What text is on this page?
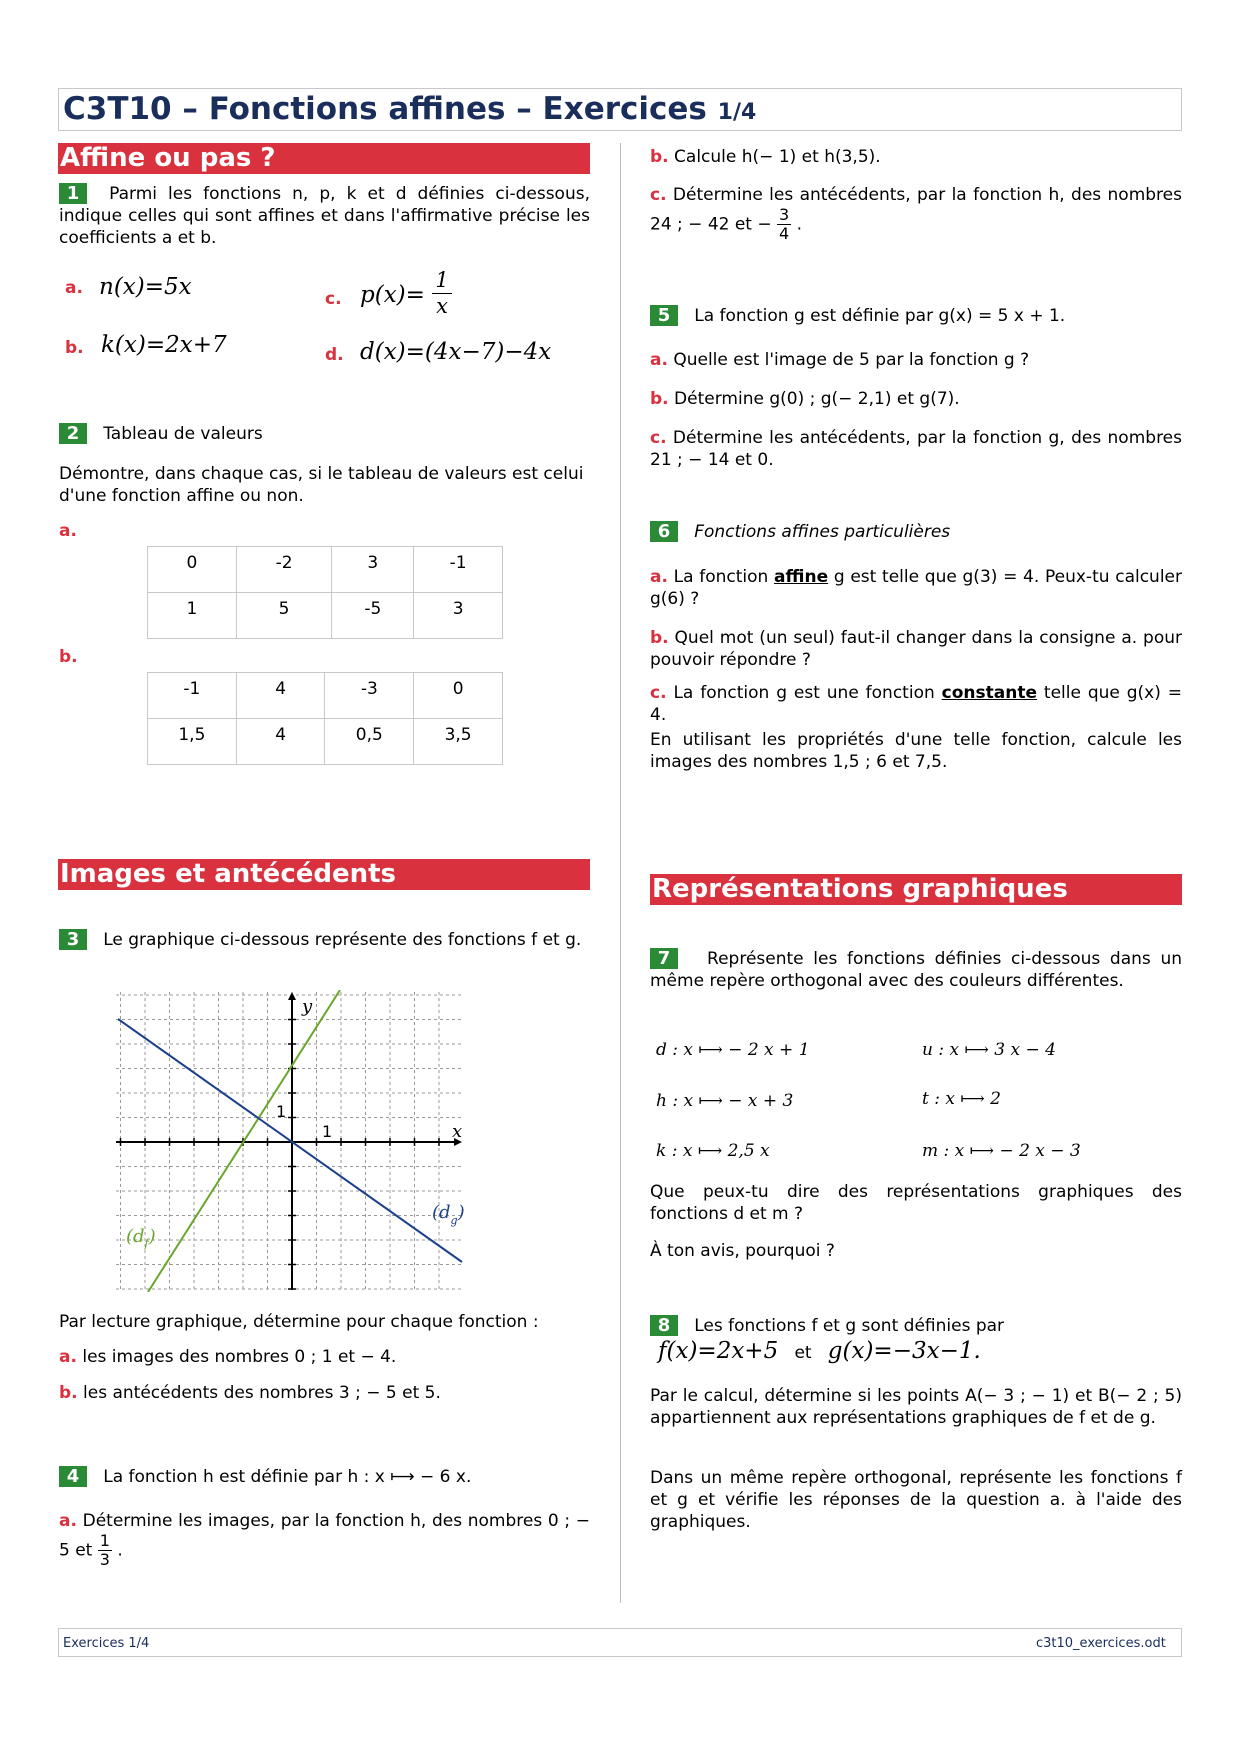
C3T10 – Fonctions affines – Exercices 1/4
Affine ou pas ?
1 Parmi les fonctions n, p, k et d définies ci-dessous, indique celles qui sont affines et dans l'affirmative précise les coefficients a et b.
a. n(x)=5x
b. k(x)=2x+7
c. $p(x)= \frac{1}{x}$
d. d(x)=(4x−7)−4x
2 Tableau de valeurs
Démontre, dans chaque cas, si le tableau de valeurs est celui d'une fonction affine ou non.
a.
0	-2	3	-1
1	5	-5	3
b.
-1	4	-3	0
1,5	4	0,5	3,5
Images et antécédents
3 Le graphique ci-dessous représente des fonctions f et g.
y
x
1
1
$(d_f)$
$(d_g)$
Par lecture graphique, détermine pour chaque fonction :
a. les images des nombres 0 ; 1 et − 4.
b. les antécédents des nombres 3 ; − 5 et 5.
4 La fonction h est définie par h : x ⟼ − 6 x.
a. Détermine les images, par la fonction h, des nombres 0 ; − 5 et $\frac{1}{3}$ .
b. Calcule h(− 1) et h(3,5).
c. Détermine les antécédents, par la fonction h, des nombres 24 ; − 42 et − $\frac{3}{4}$ .
5 La fonction g est définie par g(x) = 5 x + 1.
a. Quelle est l'image de 5 par la fonction g ?
b. Détermine g(0) ; g(− 2,1) et g(7).
c. Détermine les antécédents, par la fonction g, des nombres 21 ; − 14 et 0.
6 Fonctions affines particulières
a. La fonction affine g est telle que g(3) = 4. Peux-tu calculer g(6) ?
b. Quel mot (un seul) faut-il changer dans la consigne a. pour pouvoir répondre ?
c. La fonction g est une fonction constante telle que g(x) = 4.
En utilisant les propriétés d'une telle fonction, calcule les images des nombres 1,5 ; 6 et 7,5.
Représentations graphiques
7 Représente les fonctions définies ci-dessous dans un même repère orthogonal avec des couleurs différentes.
d : x ⟼ − 2 x + 1	u : x ⟼ 3 x − 4
h : x ⟼ − x + 3	t : x ⟼ 2
k : x ⟼ 2,5 x	m : x ⟼ − 2 x − 3
Que peux-tu dire des représentations graphiques des fonctions d et m ?
À ton avis, pourquoi ?
8 Les fonctions f et g sont définies par
f(x)=2x+5 et g(x)=−3x−1.
Par le calcul, détermine si les points A(− 3 ; − 1) et B(− 2 ; 5) appartiennent aux représentations graphiques de f et de g.
Dans un même repère orthogonal, représente les fonctions f et g et vérifie les réponses de la question a. à l'aide des graphiques.
Exercices 1/4	c3t10_exercices.odt
